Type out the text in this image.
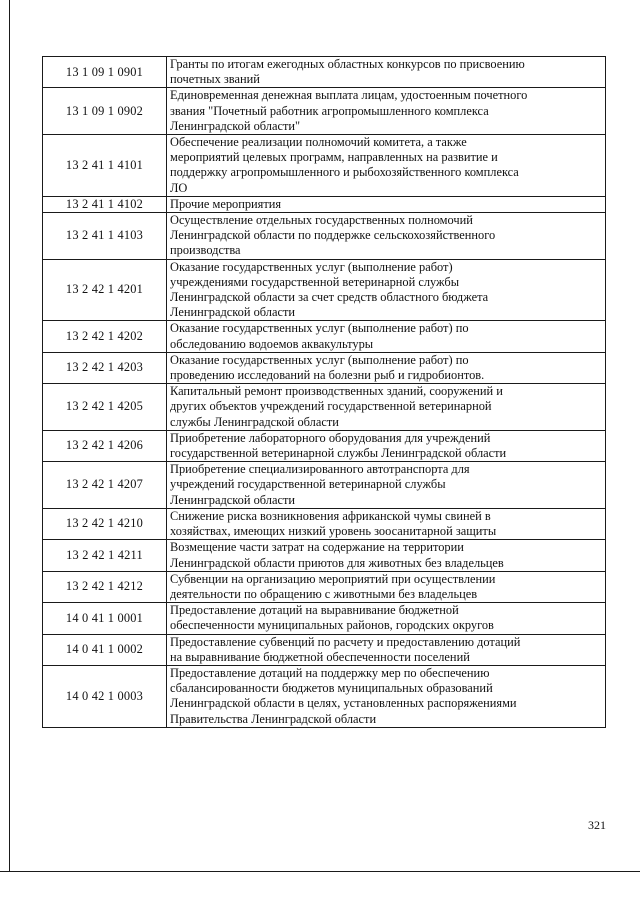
13 1 09 1 0901	Гранты по итогам ежегодных областных конкурсов по присвоению
почетных званий

13 1 09 1 0902	Единовременная денежная выплата лицам, удостоенным почетного
звания "Почетный работник агропромышленного комплекса
Ленинградской области"

13 2 41 1 4101	Обеспечение реализации полномочий комитета, а также
мероприятий целевых программ, направленных на развитие и
поддержку агропромышленного и рыбохозяйственного комплекса
ЛО

13 2 41 1 4102	Прочие мероприятия

13 2 41 1 4103	Осуществление отдельных государственных полномочий
Ленинградской области по поддержке сельскохозяйственного
производства

13 2 42 1 4201	Оказание государственных услуг (выполнение работ)
учреждениями государственной ветеринарной службы
Ленинградской области за счет средств областного бюджета
Ленинградской области

13 2 42 1 4202	Оказание государственных услуг (выполнение работ) по
обследованию водоемов аквакультуры

13 2 42 1 4203	Оказание государственных услуг (выполнение работ) по
проведению исследований на болезни рыб и гидробионтов.

13 2 42 1 4205	Капитальный ремонт производственных зданий, сооружений и
других объектов учреждений государственной ветеринарной
службы Ленинградской области

13 2 42 1 4206	Приобретение лабораторного оборудования для учреждений
государственной ветеринарной службы Ленинградской области

13 2 42 1 4207	Приобретение специализированного автотранспорта для
учреждений государственной ветеринарной службы
Ленинградской области

13 2 42 1 4210	Снижение риска возникновения африканской чумы свиней в
хозяйствах, имеющих низкий уровень зоосанитарной защиты

13 2 42 1 4211	Возмещение части затрат на содержание на территории
Ленинградской области приютов для животных без владельцев

13 2 42 1 4212	Субвенции на организацию мероприятий при осуществлении
деятельности по обращению с животными без владельцев

14 0 41 1 0001	Предоставление дотаций на выравнивание бюджетной
обеспеченности муниципальных районов, городских округов

14 0 41 1 0002	Предоставление субвенций по расчету и предоставлению дотаций
на выравнивание бюджетной обеспеченности поселений

14 0 42 1 0003	Предоставление дотаций на поддержку мер по обеспечению
сбалансированности бюджетов муниципальных образований
Ленинградской области в целях, установленных распоряжениями
Правительства Ленинградской области
321
